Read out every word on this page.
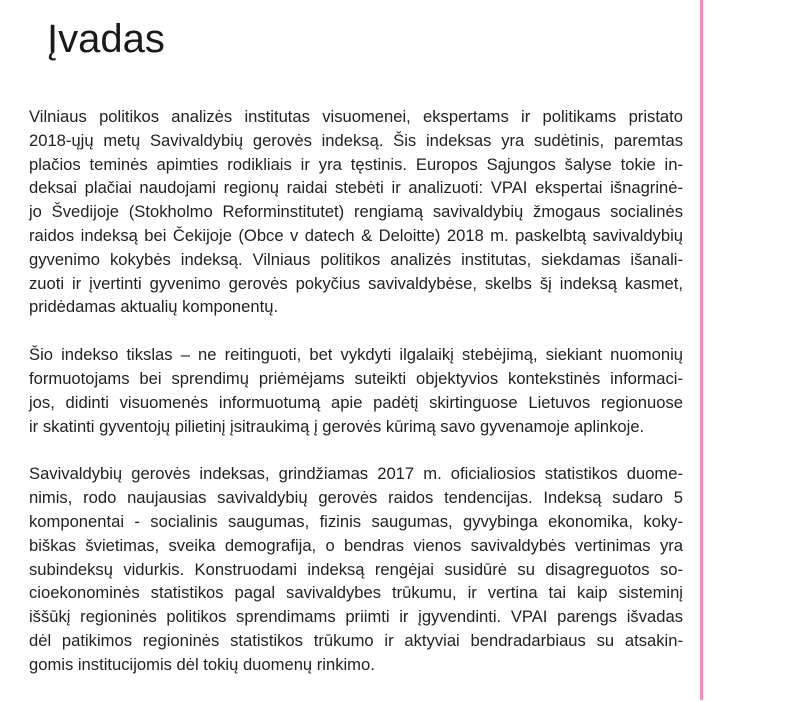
Įvadas
Vilniaus politikos analizės institutas visuomenei, ekspertams ir politikams pristato
2018-ųjų metų Savivaldybių gerovės indeksą. Šis indeksas yra sudėtinis, paremtas
plačios teminės apimties rodikliais ir yra tęstinis. Europos Sąjungos šalyse tokie in-
deksai plačiai naudojami regionų raidai stebėti ir analizuoti: VPAI ekspertai išnagrinė-
jo Švedijoje (Stokholmo Reforminstitutet) rengiamą savivaldybių žmogaus socialinės
raidos indeksą bei Čekijoje (Obce v datech & Deloitte) 2018 m. paskelbtą savivaldybių
gyvenimo kokybės indeksą. Vilniaus politikos analizės institutas, siekdamas išanali-
zuoti ir įvertinti gyvenimo gerovės pokyčius savivaldybėse, skelbs šį indeksą kasmet,
pridėdamas aktualių komponentų.
Šio indekso tikslas – ne reitinguoti, bet vykdyti ilgalaikį stebėjimą, siekiant nuomonių
formuotojams bei sprendimų priėmėjams suteikti objektyvios kontekstinės informaci-
jos, didinti visuomenės informuotumą apie padėtį skirtinguose Lietuvos regionuose
ir skatinti gyventojų pilietinį įsitraukimą į gerovės kūrimą savo gyvenamoje aplinkoje.
Savivaldybių gerovės indeksas, grindžiamas 2017 m. oficialiosios statistikos duome-
nimis, rodo naujausias savivaldybių gerovės raidos tendencijas. Indeksą sudaro 5
komponentai - socialinis saugumas, fizinis saugumas, gyvybinga ekonomika, koky-
biškas švietimas, sveika demografija, o bendras vienos savivaldybės vertinimas yra
subindeksų vidurkis. Konstruodami indeksą rengėjai susidūrė su disagreguotos so-
cioekonominės statistikos pagal savivaldybes trūkumu, ir vertina tai kaip sisteminį
iššūkį regioninės politikos sprendimams priimti ir įgyvendinti. VPAI parengs išvadas
dėl patikimos regioninės statistikos trūkumo ir aktyviai bendradarbiaus su atsakin-
gomis institucijomis dėl tokių duomenų rinkimo.
